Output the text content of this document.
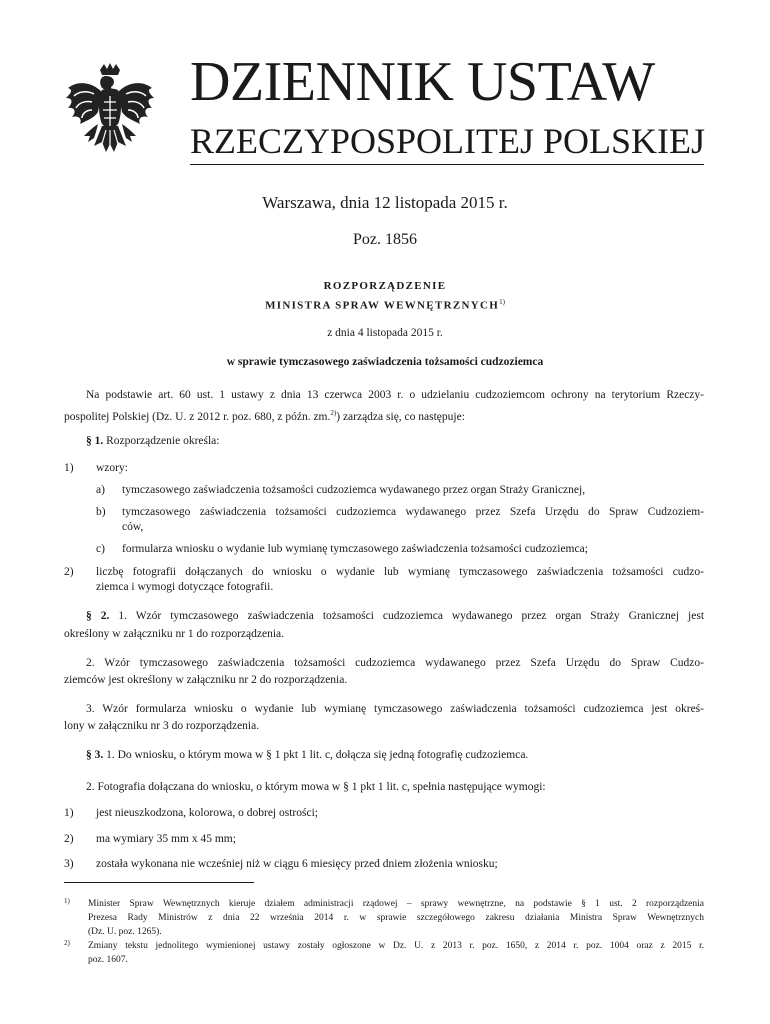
DZIENNIK USTAW
RZECZYPOSPOLITEJ POLSKIEJ
Warszawa, dnia 12 listopada 2015 r.
Poz. 1856
ROZPORZĄDZENIE
MINISTRA SPRAW WEWNĘTRZNYCH$^{1)}$
z dnia 4 listopada 2015 r.
w sprawie tymczasowego zaświadczenia tożsamości cudzoziemca
Na podstawie art. 60 ust. 1 ustawy z dnia 13 czerwca 2003 r. o udzielaniu cudzoziemcom ochrony na terytorium Rzeczy-
pospolitej Polskiej (Dz. U. z 2012 r. poz. 680, z późn. zm.$^{2)}$) zarządza się, co następuje:
§ 1. Rozporządzenie określa:
1) wzory:
a) tymczasowego zaświadczenia tożsamości cudzoziemca wydawanego przez organ Straży Granicznej,
b) tymczasowego zaświadczenia tożsamości cudzoziemca wydawanego przez Szefa Urzędu do Spraw Cudzoziem-
ców,
c) formularza wniosku o wydanie lub wymianę tymczasowego zaświadczenia tożsamości cudzoziemca;
2) liczbę fotografii dołączanych do wniosku o wydanie lub wymianę tymczasowego zaświadczenia tożsamości cudzo-
ziemca i wymogi dotyczące fotografii.
§ 2. 1. Wzór tymczasowego zaświadczenia tożsamości cudzoziemca wydawanego przez organ Straży Granicznej jest
określony w załączniku nr 1 do rozporządzenia.
2. Wzór tymczasowego zaświadczenia tożsamości cudzoziemca wydawanego przez Szefa Urzędu do Spraw Cudzo-
ziemców jest określony w załączniku nr 2 do rozporządzenia.
3. Wzór formularza wniosku o wydanie lub wymianę tymczasowego zaświadczenia tożsamości cudzoziemca jest okreś-
lony w załączniku nr 3 do rozporządzenia.
§ 3. 1. Do wniosku, o którym mowa w § 1 pkt 1 lit. c, dołącza się jedną fotografię cudzoziemca.
2. Fotografia dołączana do wniosku, o którym mowa w § 1 pkt 1 lit. c, spełnia następujące wymogi:
1) jest nieuszkodzona, kolorowa, o dobrej ostrości;
2) ma wymiary 35 mm x 45 mm;
3) została wykonana nie wcześniej niż w ciągu 6 miesięcy przed dniem złożenia wniosku;
1) Minister Spraw Wewnętrznych kieruje działem administracji rządowej – sprawy wewnętrzne, na podstawie § 1 ust. 2 rozporządzenia
Prezesa Rady Ministrów z dnia 22 września 2014 r. w sprawie szczegółowego zakresu działania Ministra Spraw Wewnętrznych
(Dz. U. poz. 1265).
2) Zmiany tekstu jednolitego wymienionej ustawy zostały ogłoszone w Dz. U. z 2013 r. poz. 1650, z 2014 r. poz. 1004 oraz z 2015 r.
poz. 1607.
